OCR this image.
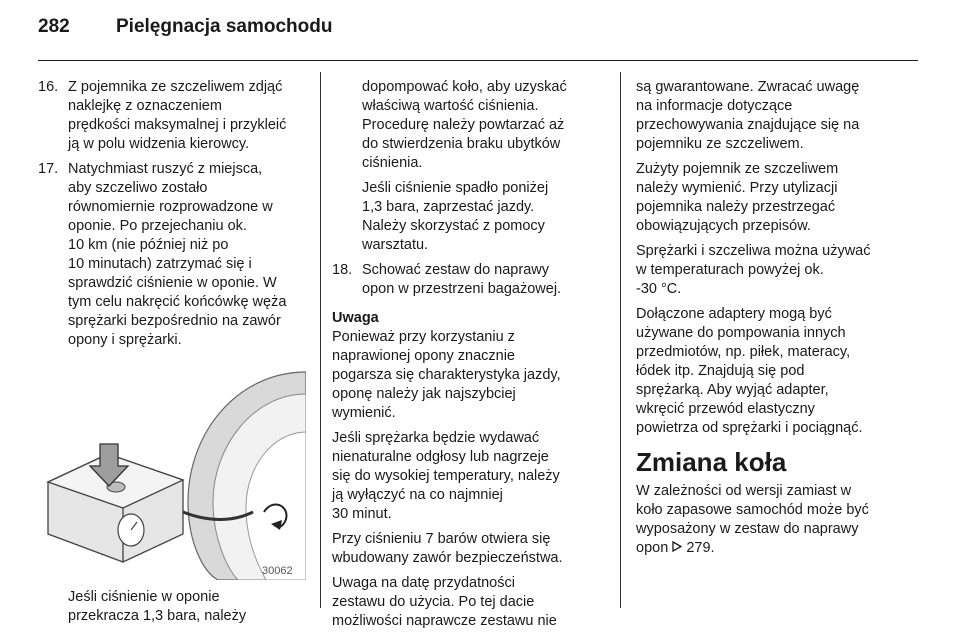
282 Pielęgnacja samochodu
16. Z pojemnika ze szczeliwem zdjąć
naklejkę z oznaczeniem
prędkości maksymalnej i przykleić
ją w polu widzenia kierowcy.
17. Natychmiast ruszyć z miejsca,
aby szczeliwo zostało
równomiernie rozprowadzone w
oponie. Po przejechaniu ok.
10 km (nie później niż po
10 minutach) zatrzymać się i
sprawdzić ciśnienie w oponie. W
tym celu nakręcić końcówkę węża
sprężarki bezpośrednio na zawór
opony i sprężarki.
30062
Jeśli ciśnienie w oponie
przekracza 1,3 bara, należy
dopompować koło, aby uzyskać
właściwą wartość ciśnienia.
Procedurę należy powtarzać aż
do stwierdzenia braku ubytków
ciśnienia.
Jeśli ciśnienie spadło poniżej
1,3 bara, zaprzestać jazdy.
Należy skorzystać z pomocy
warsztatu.
18. Schować zestaw do naprawy
opon w przestrzeni bagażowej.
Uwaga
Ponieważ przy korzystaniu z
naprawionej opony znacznie
pogarsza się charakterystyka jazdy,
oponę należy jak najszybciej
wymienić.
Jeśli sprężarka będzie wydawać
nienaturalne odgłosy lub nagrzeje
się do wysokiej temperatury, należy
ją wyłączyć na co najmniej
30 minut.
Przy ciśnieniu 7 barów otwiera się
wbudowany zawór bezpieczeństwa.
Uwaga na datę przydatności
zestawu do użycia. Po tej dacie
możliwości naprawcze zestawu nie
są gwarantowane. Zwracać uwagę
na informacje dotyczące
przechowywania znajdujące się na
pojemniku ze szczeliwem.
Zużyty pojemnik ze szczeliwem
należy wymienić. Przy utylizacji
pojemnika należy przestrzegać
obowiązujących przepisów.
Sprężarki i szczeliwa można używać
w temperaturach powyżej ok.
-30 °C.
Dołączone adaptery mogą być
używane do pompowania innych
przedmiotów, np. piłek, materacy,
łódek itp. Znajdują się pod
sprężarką. Aby wyjąć adapter,
wkręcić przewód elastyczny
powietrza od sprężarki i pociągnąć.
Zmiana koła
W zależności od wersji zamiast w
koło zapasowe samochód może być
wyposażony w zestaw do naprawy
opon 279.
